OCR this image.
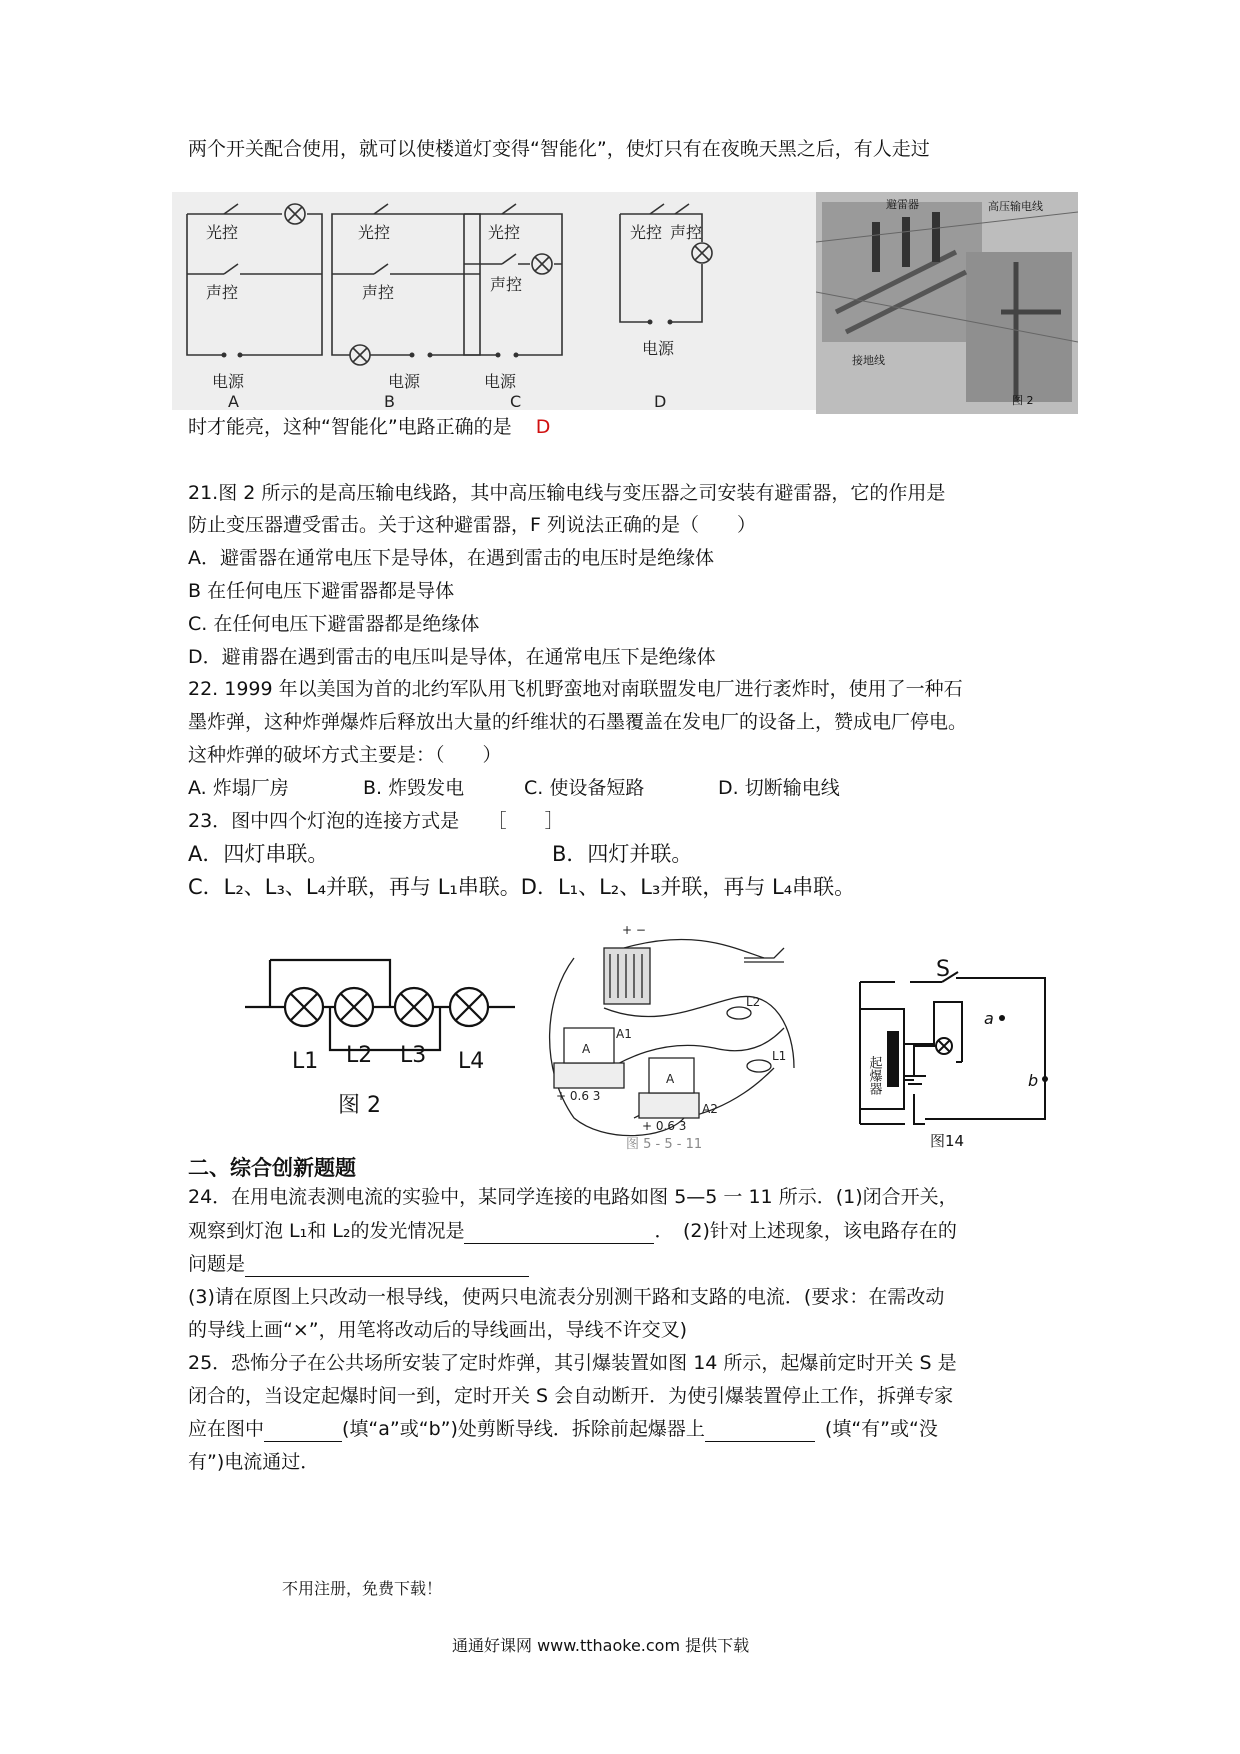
两个开关配合使用，就可以使楼道灯变得“智能化”，使灯只有在夜晚天黑之后，有人走过
光控
声控
电源
A
光控
声控
电源
B
光控
声控
电源
C
光控 声控
电源
D
避雷器	高压输电线
接地线
图 2
时才能亮，这种“智能化”电路正确的是 D
21.图 2 所示的是高压输电线路，其中高压输电线与变压器之司安装有避雷器，它的作用是
防止变压器遭受雷击。关于这种避雷器，F 列说法正确的是（　　）
A．避雷器在通常电压下是导体，在遇到雷击的电压时是绝缘体
B 在任何电压下避雷器都是导体
C. 在任何电压下避雷器都是绝缘体
D．避甫器在遇到雷击的电压叫是导体，在通常电压下是绝缘体
22. 1999 年以美国为首的北约军队用飞机野蛮地对南联盟发电厂进行袤炸时，使用了一种石
墨炸弹，这种炸弹爆炸后释放出大量的纤维状的石墨覆盖在发电厂的设备上，赞成电厂停电。
这种炸弹的破坏方式主要是：（　　）
A. 炸塌厂房	B. 炸毁发电	C. 使设备短路	D. 切断输电线
23．图中四个灯泡的连接方式是　　［　　］
A．四灯串联。	B．四灯并联。
C．L₂、L₃、L₄并联，再与 L₁串联。D．L₁、L₂、L₃并联，再与 L₄串联。
L1 L2 L3 L4
图 2
+ −
A
A1
A
A2
L2
L1
+ 0.6 3
+ 0.6 3
图 5 - 5 - 11
S
起爆器
a
b
图14
二、综合创新题题
24．在用电流表测电流的实验中，某同学连接的电路如图 5—5 一 11 所示．(1)闭合开关，
观察到灯泡 L₁和 L₂的发光情况是	．　(2)针对上述现象，该电路存在的
问题是
(3)请在原图上只改动一根导线，使两只电流表分别测干路和支路的电流．(要求：在需改动
的导线上画“×”，用笔将改动后的导线画出，导线不许交叉)
25．恐怖分子在公共场所安装了定时炸弹，其引爆装置如图 14 所示，起爆前定时开关 S 是
闭合的，当设定起爆时间一到，定时开关 S 会自动断开．为使引爆装置停止工作，拆弹专家
应在图中	(填“a”或“b”)处剪断导线．拆除前起爆器上	(填“有”或“没
有”)电流通过．
不用注册，免费下载！
通通好课网 www.tthaoke.com 提供下载
